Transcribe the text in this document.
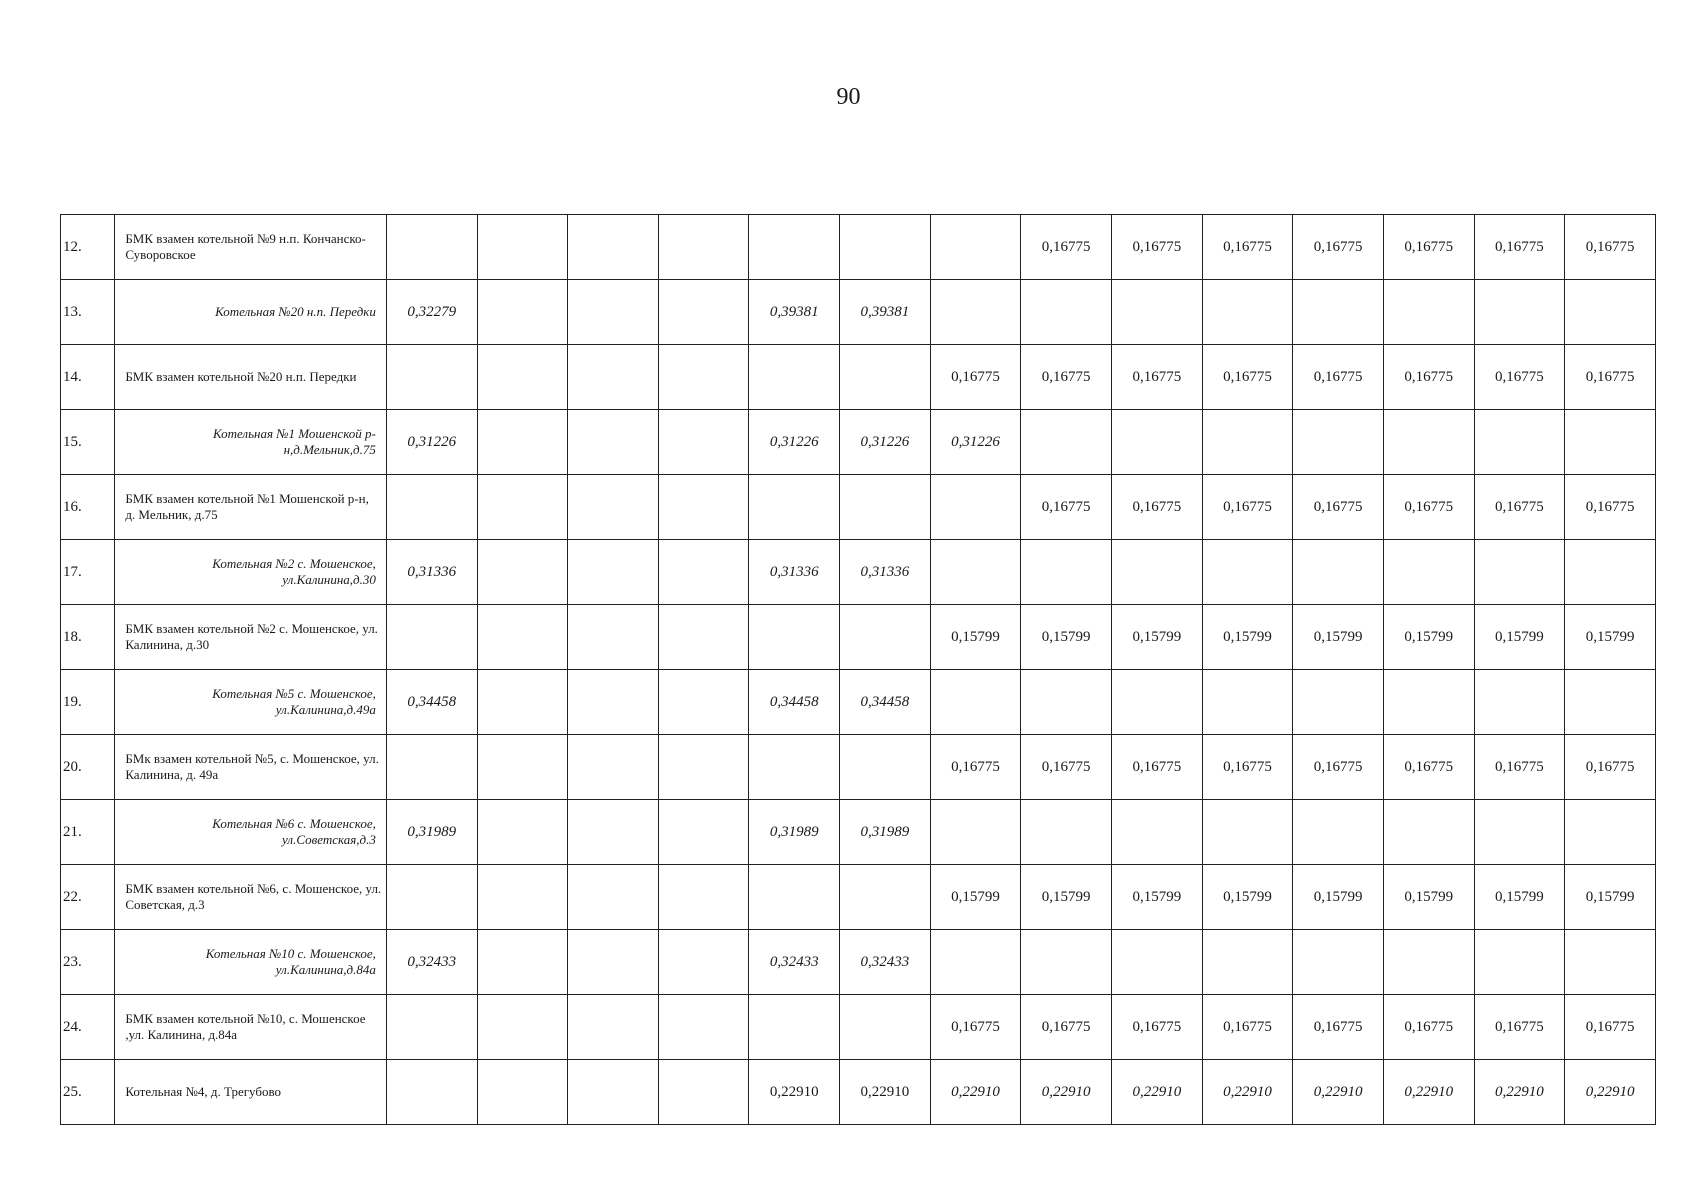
90
12.	БМК взамен котельной №9 н.п. Кончанско-Суворовское								0,16775	0,16775	0,16775	0,16775	0,16775	0,16775	0,16775
13.	Котельная №20 н.п. Передки	0,32279				0,39381	0,39381								
14.	БМК взамен котельной №20 н.п. Передки							0,16775	0,16775	0,16775	0,16775	0,16775	0,16775	0,16775	0,16775
15.	Котельная №1 Мошенской р-н,д.Мельник,д.75	0,31226				0,31226	0,31226	0,31226							
16.	БМК взамен котельной №1 Мошенской р-н, д. Мельник, д.75								0,16775	0,16775	0,16775	0,16775	0,16775	0,16775	0,16775
17.	Котельная №2 с. Мошенское, ул.Калинина,д.30	0,31336				0,31336	0,31336								
18.	БМК взамен котельной №2 с. Мошенское, ул. Калинина, д.30							0,15799	0,15799	0,15799	0,15799	0,15799	0,15799	0,15799	0,15799
19.	Котельная №5 с. Мошенское, ул.Калинина,д.49а	0,34458				0,34458	0,34458								
20.	БМк взамен котельной №5, с. Мошенское, ул. Калинина, д. 49а							0,16775	0,16775	0,16775	0,16775	0,16775	0,16775	0,16775	0,16775
21.	Котельная №6 с. Мошенское, ул.Советская,д.3	0,31989				0,31989	0,31989								
22.	БМК взамен котельной №6, с. Мошенское, ул. Советская, д.3							0,15799	0,15799	0,15799	0,15799	0,15799	0,15799	0,15799	0,15799
23.	Котельная №10 с. Мошенское, ул.Калинина,д.84а	0,32433				0,32433	0,32433								
24.	БМК взамен котельной №10, с. Мошенское ,ул. Калинина, д.84а							0,16775	0,16775	0,16775	0,16775	0,16775	0,16775	0,16775	0,16775
25.	Котельная №4, д. Трегубово					0,22910	0,22910	0,22910	0,22910	0,22910	0,22910	0,22910	0,22910	0,22910	0,22910
